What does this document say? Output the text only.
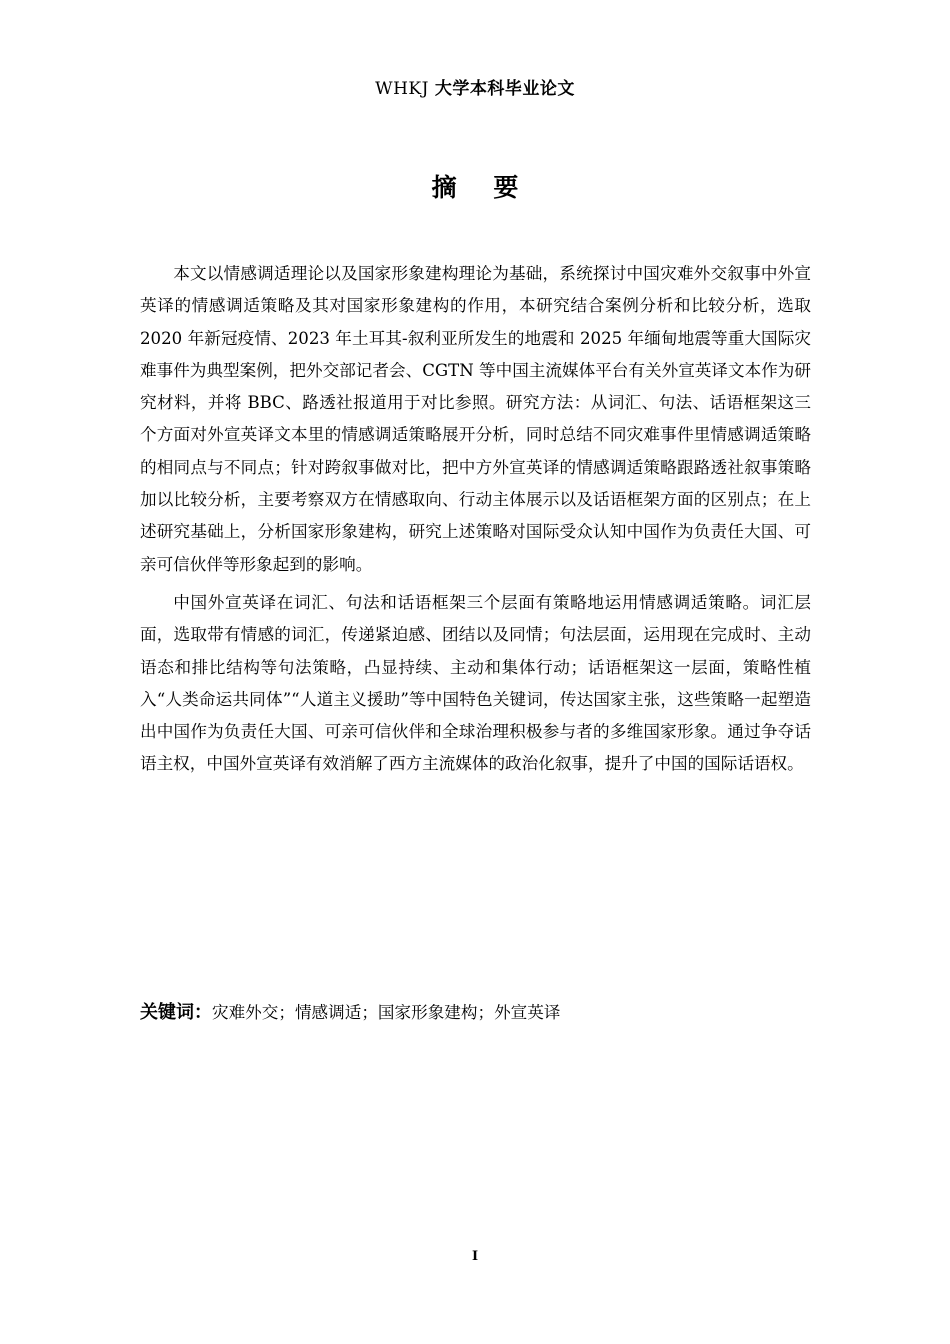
WHKJ 大学本科毕业论文
摘 要

本文以情感调适理论以及国家形象建构理论为基础，系统探讨中国灾难外交叙事中外宣英译的情感调适策略及其对国家形象建构的作用，本研究结合案例分析和比较分析，选取 2020 年新冠疫情、2023 年土耳其-叙利亚所发生的地震和 2025 年缅甸地震等重大国际灾难事件为典型案例，把外交部记者会、CGTN 等中国主流媒体平台有关外宣英译文本作为研究材料，并将 BBC、路透社报道用于对比参照。研究方法：从词汇、句法、话语框架这三个方面对外宣英译文本里的情感调适策略展开分析，同时总结不同灾难事件里情感调适策略的相同点与不同点；针对跨叙事做对比，把中方外宣英译的情感调适策略跟路透社叙事策略加以比较分析，主要考察双方在情感取向、行动主体展示以及话语框架方面的区别点；在上述研究基础上，分析国家形象建构，研究上述策略对国际受众认知中国作为负责任大国、可亲可信伙伴等形象起到的影响。

中国外宣英译在词汇、句法和话语框架三个层面有策略地运用情感调适策略。词汇层面，选取带有情感的词汇，传递紧迫感、团结以及同情；句法层面，运用现在完成时、主动语态和排比结构等句法策略，凸显持续、主动和集体行动；话语框架这一层面，策略性植入“人类命运共同体”“人道主义援助”等中国特色关键词，传达国家主张，这些策略一起塑造出中国作为负责任大国、可亲可信伙伴和全球治理积极参与者的多维国家形象。通过争夺话语主权，中国外宣英译有效消解了西方主流媒体的政治化叙事，提升了中国的国际话语权。

关键词：灾难外交；情感调适；国家形象建构；外宣英译
I
